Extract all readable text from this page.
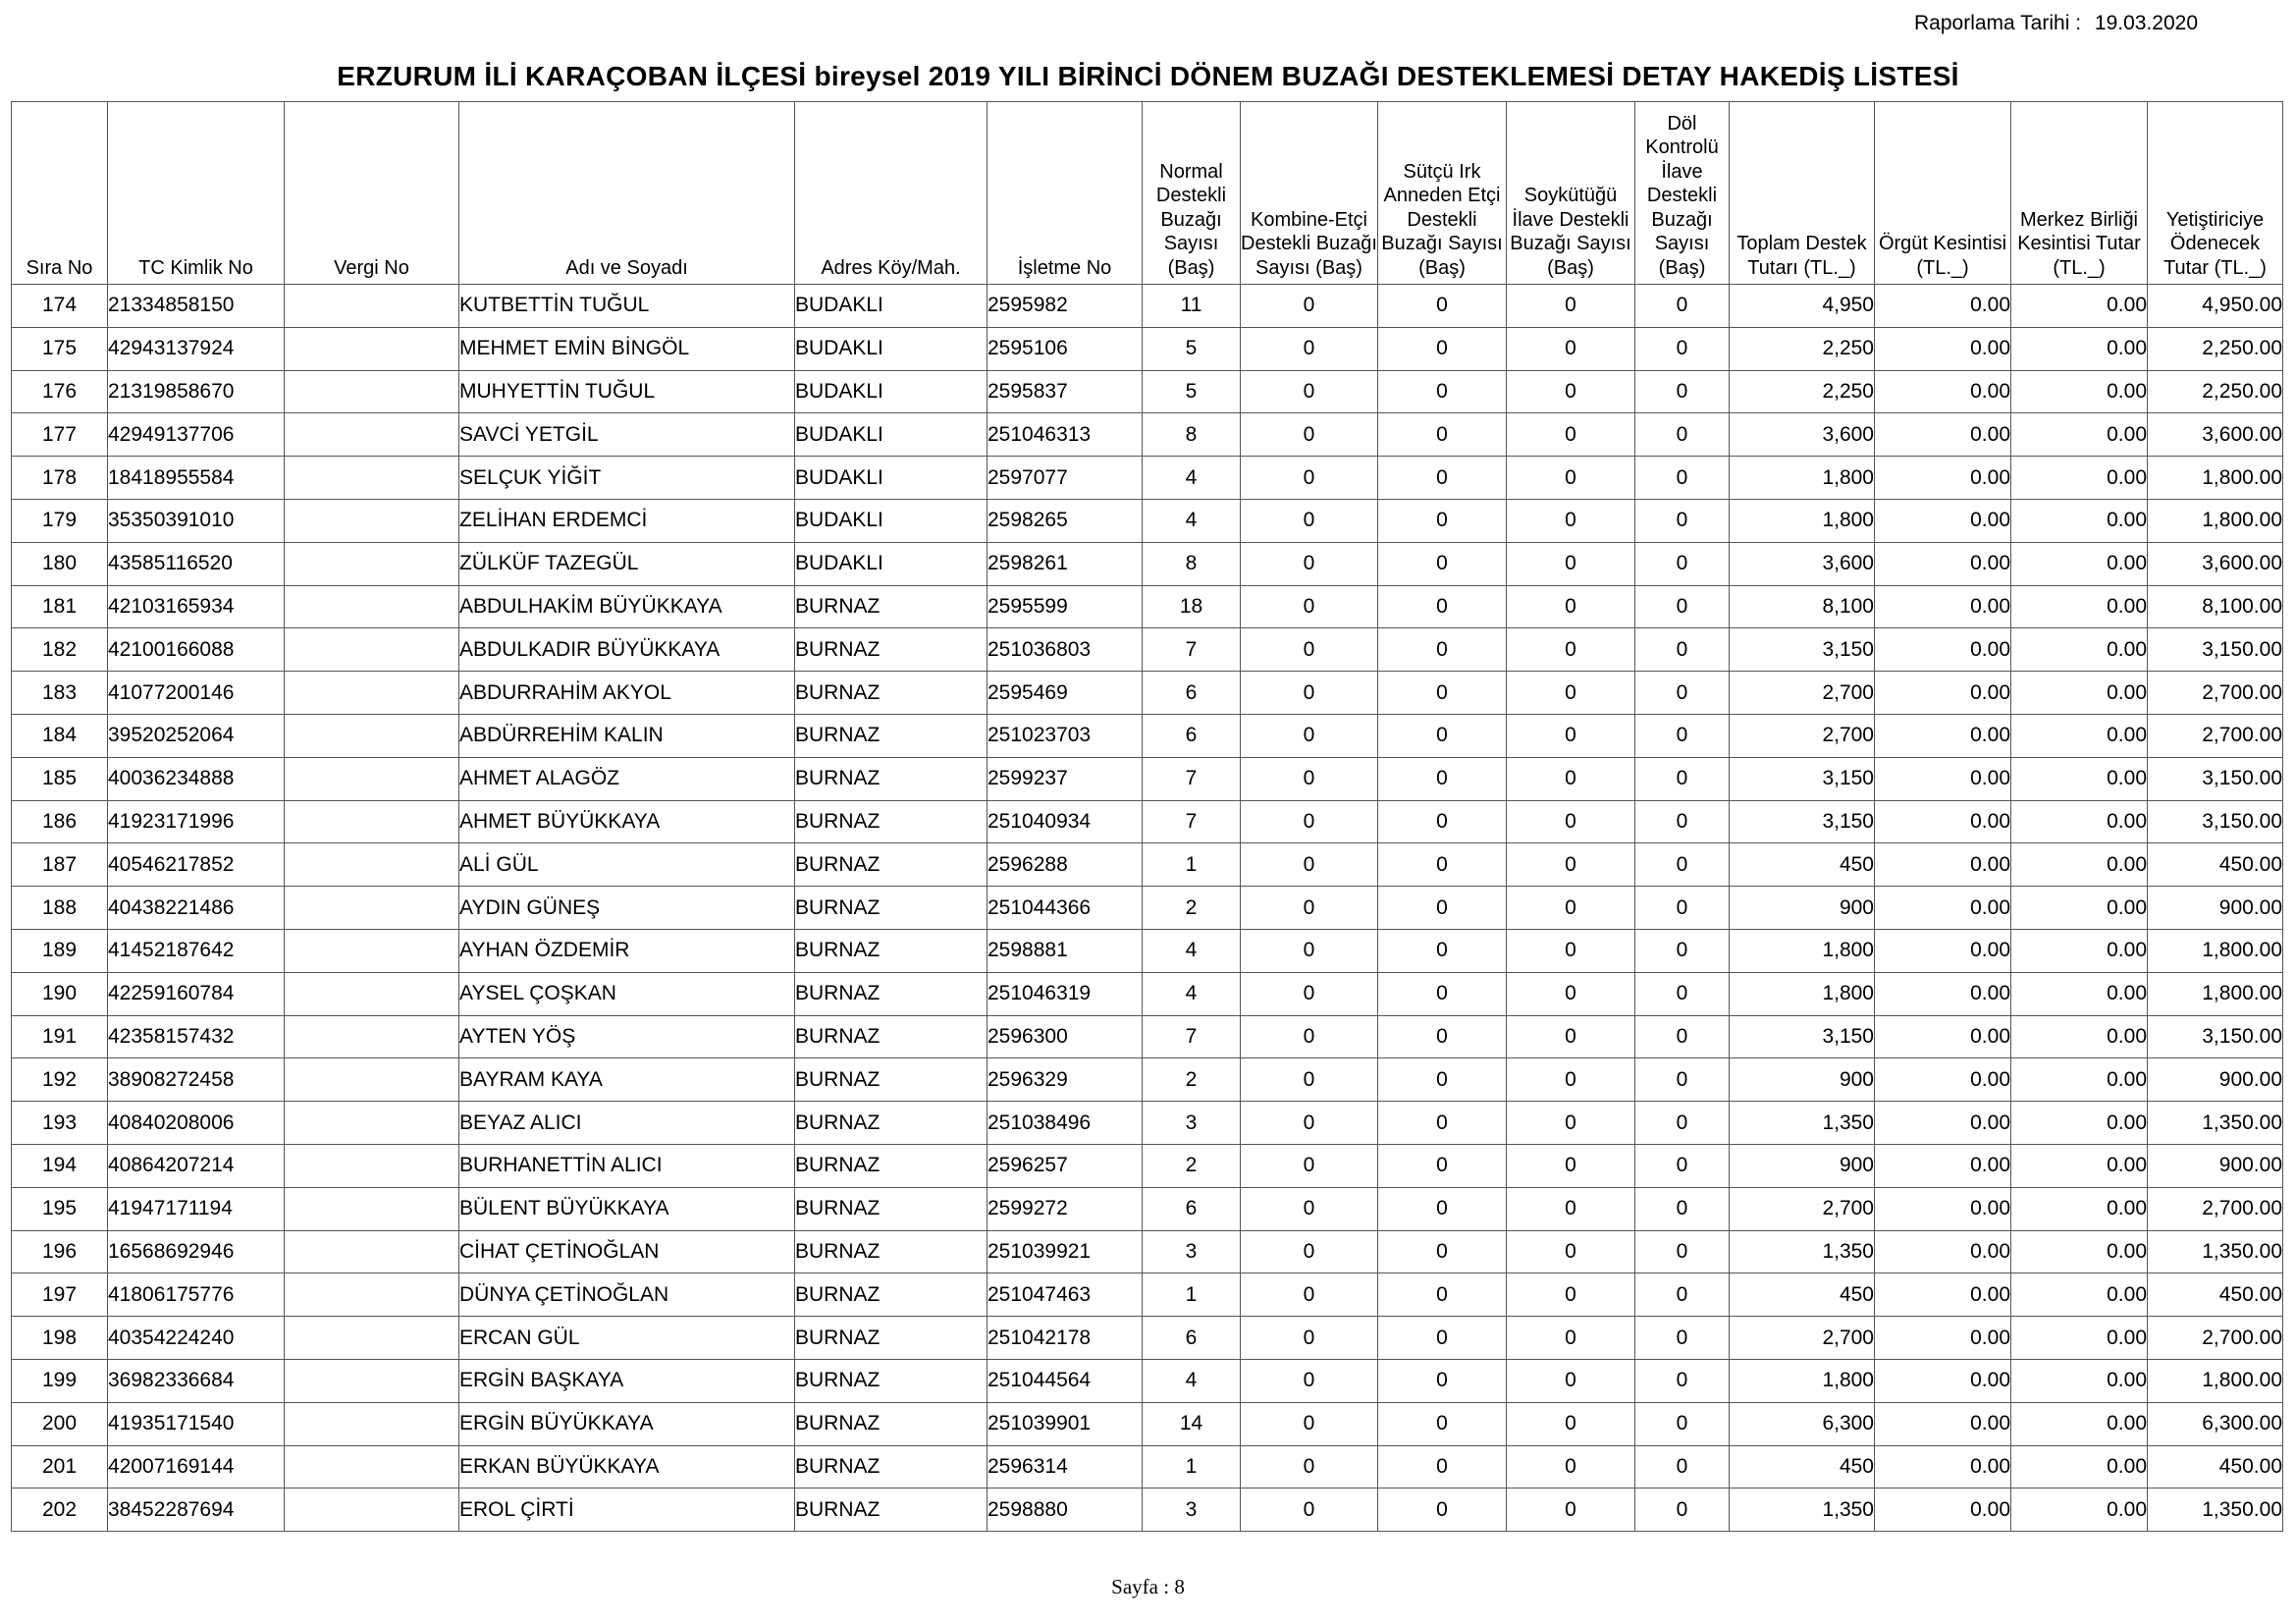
Raporlama Tarihi : 19.03.2020
ERZURUM İLİ KARAÇOBAN İLÇESİ bireysel 2019 YILI BİRİNCİ DÖNEM BUZAĞI DESTEKLEMESİ DETAY HAKEDİŞ LİSTESİ
Sıra No	TC Kimlik No	Vergi No	Adı ve Soyadı	Adres Köy/Mah.	İşletme No	Normal Destekli Buzağı Sayısı (Baş)	Kombine-Etçi Destekli Buzağı Sayısı (Baş)	Sütçü Irk Anneden Etçi Destekli Buzağı Sayısı (Baş)	Soykütüğü İlave Destekli Buzağı Sayısı (Baş)	Döl Kontrolü İlave Destekli Buzağı Sayısı (Baş)	Toplam Destek Tutarı (TL._)	Örgüt Kesintisi (TL._)	Merkez Birliği Kesintisi Tutar (TL._)	Yetiştiriciye Ödenecek Tutar (TL._)
174	21334858150		KUTBETTİN TUĞUL	BUDAKLI	2595982	11	0	0	0	0	4,950	0.00	0.00	4,950.00
175	42943137924		MEHMET EMİN BİNGÖL	BUDAKLI	2595106	5	0	0	0	0	2,250	0.00	0.00	2,250.00
176	21319858670		MUHYETTİN TUĞUL	BUDAKLI	2595837	5	0	0	0	0	2,250	0.00	0.00	2,250.00
177	42949137706		SAVCİ YETGİL	BUDAKLI	251046313	8	0	0	0	0	3,600	0.00	0.00	3,600.00
178	18418955584		SELÇUK YİĞİT	BUDAKLI	2597077	4	0	0	0	0	1,800	0.00	0.00	1,800.00
179	35350391010		ZELİHAN ERDEMCİ	BUDAKLI	2598265	4	0	0	0	0	1,800	0.00	0.00	1,800.00
180	43585116520		ZÜLKÜF TAZEGÜL	BUDAKLI	2598261	8	0	0	0	0	3,600	0.00	0.00	3,600.00
181	42103165934		ABDULHAKİM BÜYÜKKAYA	BURNAZ	2595599	18	0	0	0	0	8,100	0.00	0.00	8,100.00
182	42100166088		ABDULKADIR BÜYÜKKAYA	BURNAZ	251036803	7	0	0	0	0	3,150	0.00	0.00	3,150.00
183	41077200146		ABDURRAHİM AKYOL	BURNAZ	2595469	6	0	0	0	0	2,700	0.00	0.00	2,700.00
184	39520252064		ABDÜRREHİM KALIN	BURNAZ	251023703	6	0	0	0	0	2,700	0.00	0.00	2,700.00
185	40036234888		AHMET ALAGÖZ	BURNAZ	2599237	7	0	0	0	0	3,150	0.00	0.00	3,150.00
186	41923171996		AHMET BÜYÜKKAYA	BURNAZ	251040934	7	0	0	0	0	3,150	0.00	0.00	3,150.00
187	40546217852		ALİ GÜL	BURNAZ	2596288	1	0	0	0	0	450	0.00	0.00	450.00
188	40438221486		AYDIN GÜNEŞ	BURNAZ	251044366	2	0	0	0	0	900	0.00	0.00	900.00
189	41452187642		AYHAN ÖZDEMİR	BURNAZ	2598881	4	0	0	0	0	1,800	0.00	0.00	1,800.00
190	42259160784		AYSEL ÇOŞKAN	BURNAZ	251046319	4	0	0	0	0	1,800	0.00	0.00	1,800.00
191	42358157432		AYTEN YÖŞ	BURNAZ	2596300	7	0	0	0	0	3,150	0.00	0.00	3,150.00
192	38908272458		BAYRAM KAYA	BURNAZ	2596329	2	0	0	0	0	900	0.00	0.00	900.00
193	40840208006		BEYAZ ALICI	BURNAZ	251038496	3	0	0	0	0	1,350	0.00	0.00	1,350.00
194	40864207214		BURHANETTİN ALICI	BURNAZ	2596257	2	0	0	0	0	900	0.00	0.00	900.00
195	41947171194		BÜLENT BÜYÜKKAYA	BURNAZ	2599272	6	0	0	0	0	2,700	0.00	0.00	2,700.00
196	16568692946		CİHAT ÇETİNOĞLAN	BURNAZ	251039921	3	0	0	0	0	1,350	0.00	0.00	1,350.00
197	41806175776		DÜNYA ÇETİNOĞLAN	BURNAZ	251047463	1	0	0	0	0	450	0.00	0.00	450.00
198	40354224240		ERCAN GÜL	BURNAZ	251042178	6	0	0	0	0	2,700	0.00	0.00	2,700.00
199	36982336684		ERGİN BAŞKAYA	BURNAZ	251044564	4	0	0	0	0	1,800	0.00	0.00	1,800.00
200	41935171540		ERGİN BÜYÜKKAYA	BURNAZ	251039901	14	0	0	0	0	6,300	0.00	0.00	6,300.00
201	42007169144		ERKAN BÜYÜKKAYA	BURNAZ	2596314	1	0	0	0	0	450	0.00	0.00	450.00
202	38452287694		EROL ÇİRTİ	BURNAZ	2598880	3	0	0	0	0	1,350	0.00	0.00	1,350.00
Sayfa : 8
